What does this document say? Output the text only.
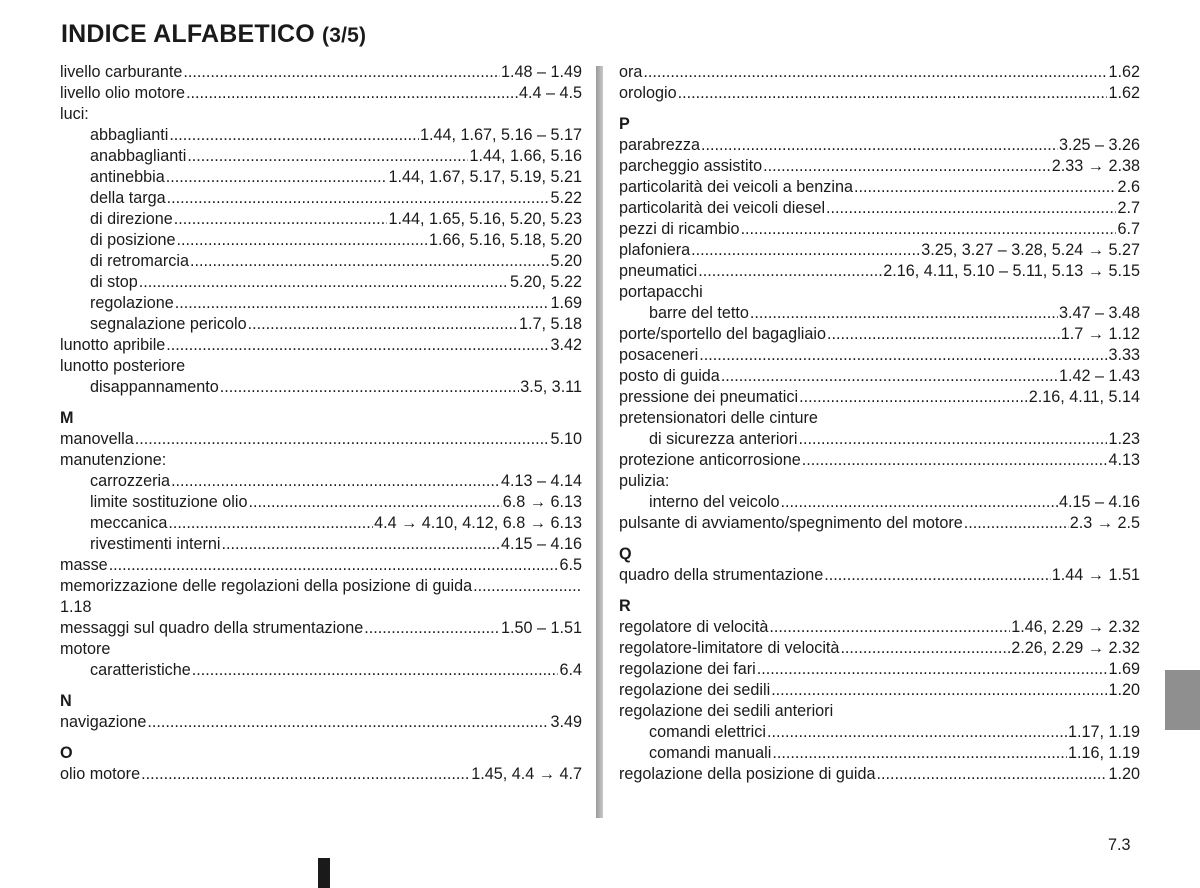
INDICE ALFABETICO (3/5)
livello carburante .....	1.48 – 1.49
livello olio motore .....	4.4 – 4.5
luci:
abbaglianti .....	1.44, 1.67, 5.16 – 5.17
anabbaglianti .....	1.44, 1.66, 5.16
antinebbia .....	1.44, 1.67, 5.17, 5.19, 5.21
della targa .....	5.22
di direzione .....	1.44, 1.65, 5.16, 5.20, 5.23
di posizione .....	1.66, 5.16, 5.18, 5.20
di retromarcia .....	5.20
di stop .....	5.20, 5.22
regolazione .....	1.69
segnalazione pericolo .....	1.7, 5.18
lunotto apribile .....	3.42
lunotto posteriore
disappannamento .....	3.5, 3.11
M
manovella .....	5.10
manutenzione:
carrozzeria .....	4.13 – 4.14
limite sostituzione olio .....	6.8 → 6.13
meccanica .....	4.4 → 4.10, 4.12, 6.8 → 6.13
rivestimenti interni .....	4.15 – 4.16
masse .....	6.5
memorizzazione delle regolazioni della posizione di guida
.....
1.18
messaggi sul quadro della strumentazione .....	1.50 – 1.51
motore
caratteristiche .....	6.4
N
navigazione .....	3.49
O
olio motore .....	1.45, 4.4 → 4.7
ora .....	1.62
orologio .....	1.62
P
parabrezza .....	3.25 – 3.26
parcheggio assistito .....	2.33 → 2.38
particolarità dei veicoli a benzina .....	2.6
particolarità dei veicoli diesel .....	2.7
pezzi di ricambio .....	6.7
plafoniera .....	3.25, 3.27 – 3.28, 5.24 → 5.27
pneumatici .....	2.16, 4.11, 5.10 – 5.11, 5.13 → 5.15
portapacchi
barre del tetto .....	3.47 – 3.48
porte/sportello del bagagliaio .....	1.7 → 1.12
posaceneri .....	3.33
posto di guida .....	1.42 – 1.43
pressione dei pneumatici .....	2.16, 4.11, 5.14
pretensionatori delle cinture
di sicurezza anteriori .....	1.23
protezione anticorrosione .....	4.13
pulizia:
interno del veicolo .....	4.15 – 4.16
pulsante di avviamento/spegnimento del motore .....	2.3 → 2.5
Q
quadro della strumentazione .....	1.44 → 1.51
R
regolatore di velocità .....	1.46, 2.29 → 2.32
regolatore-limitatore di velocità .....	2.26, 2.29 → 2.32
regolazione dei fari .....	1.69
regolazione dei sedili .....	1.20
regolazione dei sedili anteriori
comandi elettrici .....	1.17, 1.19
comandi manuali .....	1.16, 1.19
regolazione della posizione di guida .....	1.20
7.3
